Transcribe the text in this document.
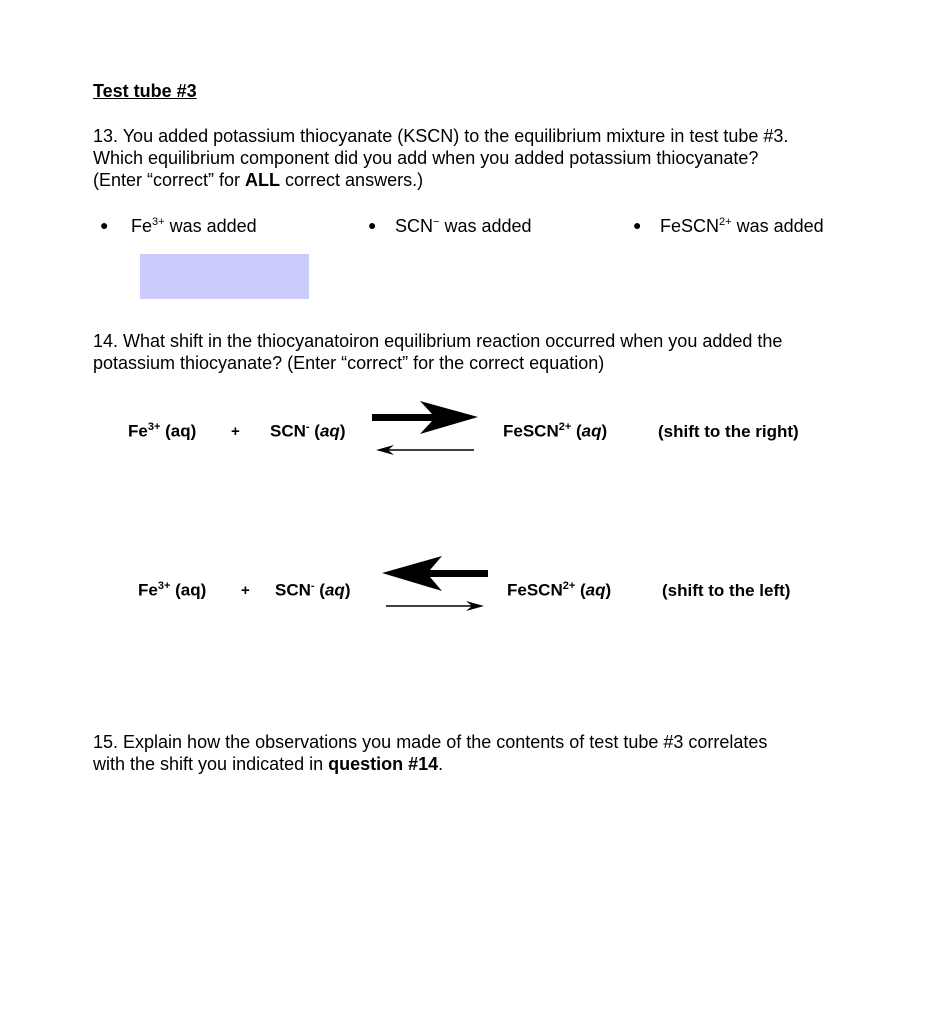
Test tube #3
13. You added potassium thiocyanate (KSCN) to the equilibrium mixture in test tube #3.
Which equilibrium component did you add when you added potassium thiocyanate?
(Enter “correct” for ALL correct answers.)
● $Fe^{3+}$ was added	● SCN− was added	● FeSCN$^{2+}$ was added
14. What shift in the thiocyanatoiron equilibrium reaction occurred when you added the
potassium thiocyanate? (Enter “correct” for the correct equation)
$Fe^{3+}$ (aq) + SCN- (aq)	FeSCN$^{2+}$ (aq)	(shift to the right)
$Fe^{3+}$ (aq) + SCN- (aq)	FeSCN$^{2+}$ (aq)	(shift to the left)
15. Explain how the observations you made of the contents of test tube #3 correlates
with the shift you indicated in question #14.
